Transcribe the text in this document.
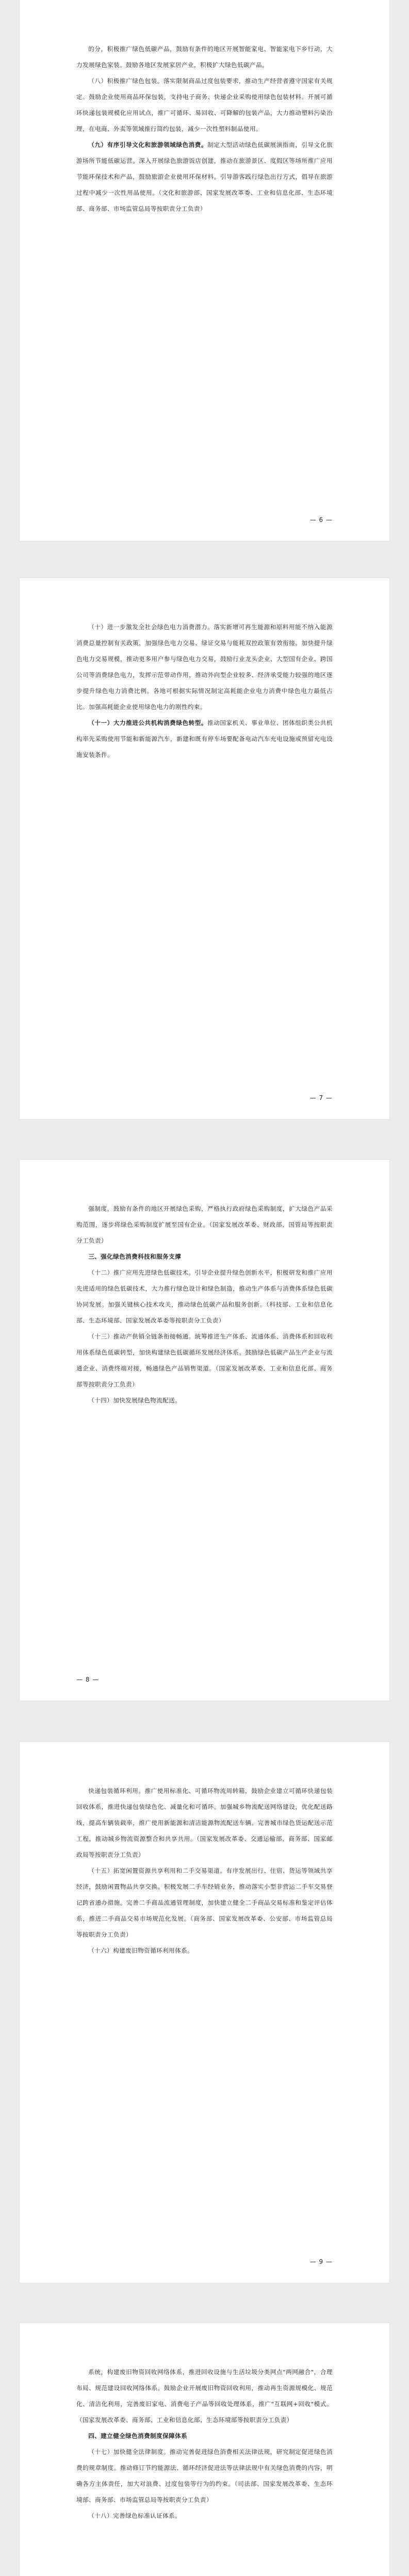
的分，积极推广绿色低碳产品，鼓励有条件的地区开展智能家电、智能家电下乡行动，大力发展绿色家装。鼓励各地区发展家居产业，积极扩大绿色低碳产品。

（八）积极推广绿色包装。落实限制商品过度包装要求，推动生产经营者遵守国家有关规定。鼓励企业使用商品环保包装，支持电子商务、快递企业采购使用绿色包装材料。开展可循环快递包装规模化应用试点，推广可循环、易回收、可降解的包装产品，大力推动塑料污染治理，在电商、外卖等领域推行简约包装，减少一次性塑料制品使用。

（九）有序引导文化和旅游领域绿色消费。制定大型活动绿色低碳展演指南，引导文化旅游场所节能低碳运营。深入开展绿色旅游饭店创建，推动在旅游景区、度假区等场所推广应用节能环保技术和产品，鼓励旅游企业使用环保材料。引导游客践行绿色出行方式，倡导在旅游过程中减少一次性用品使用。（文化和旅游部、国家发展改革委、工业和信息化部、生态环境部、商务部、市场监管总局等按职责分工负责）

— 6 —

（十）进一步激发全社会绿色电力消费潜力。落实新增可再生能源和原料用能不纳入能源消费总量控制有关政策，加强绿色电力交易、绿证交易与能耗双控政策有效衔接。加快提升绿色电力交易规模，推动更多用户参与绿色电力交易，鼓励行业龙头企业、大型国有企业、跨国公司等消费绿色电力，发挥示范带动作用，推动外向型企业较多、经济承受能力较强的地区逐步提升绿色电力消费比例。各地可根据实际情况制定高耗能企业电力消费中绿色电力最低占比。加强高耗能企业使用绿色电力的刚性约束。

（十一）大力推进公共机构消费绿色转型。推动国家机关、事业单位、团体组织类公共机构率先采购使用节能和新能源汽车，新建和既有停车场要配备电动汽车充电设施或预留充电设施安装条件。

— 7 —

强制度，鼓励有条件的地区开展绿色采购，严格执行政府绿色采购制度，扩大绿色产品采购范围，逐步将绿色采购制度扩展至国有企业。（国家发展改革委、财政部、国管局等按职责分工负责）

三、强化绿色消费科技和服务支撑

（十二）推广应用先进绿色低碳技术。引导企业提升绿色创新水平，积极研发和推广应用先进适用的绿色低碳技术，大力推行绿色设计和绿色制造，推动生产体系与消费体系绿色低碳协同发展。加强关键核心技术攻关，推动绿色低碳产品和服务创新。（科技部、工业和信息化部、生态环境部、国家发展改革委等按职责分工负责）

（十三）推动产供销全链条衔接畅通。统筹推进生产体系、流通体系、消费体系和回收利用体系绿色低碳转型，加快构建绿色低碳循环发展经济体系。鼓励绿色低碳产品生产企业与流通企业、消费终端对接，畅通绿色产品销售渠道。（国家发展改革委、工业和信息化部、商务部等按职责分工负责）

（十四）加快发展绿色物流配送。

— 8 —

快递包装循环利用。推广使用标准化、可循环物流周转箱，鼓励企业建立可循环快递包装回收体系，推进快递包装绿色化、减量化和可循环。加强城乡物流配送网络建设，优化配送路线，提高车辆装载率，推广使用新能源和清洁能源物流配送车辆。完善城市绿色货运配送示范工程，推动城乡物流资源整合和共享共用。（国家发展改革委、交通运输部、商务部、国家邮政局等按职责分工负责）

（十五）拓宽闲置资源共享利用和二手交易渠道。有序发展出行、住宿、货运等领域共享经济，鼓励闲置物品共享交换。积极发展二手车经销业务，推动落实小型非营运二手车交易登记跨省通办措施。完善二手商品流通管理制度，加快建立健全二手商品交易标准和鉴定评估体系，推进二手商品交易市场规范化发展。（商务部、国家发展改革委、公安部、市场监管总局等按职责分工负责）

（十六）构建废旧物资循环利用体系。

— 9 —

系统，构建废旧物资回收网络体系，推进回收设施与生活垃圾分类网点"两网融合"，合理布局、规范建设回收网络体系。鼓励企业开展废旧物资回收利用，推动再生资源规模化、规范化、清洁化利用，完善废旧家电、消费电子产品等回收处理体系，推广"互联网+回收"模式。（国家发展改革委、商务部、工业和信息化部、生态环境部等按职责分工负责）

四、建立健全绿色消费制度保障体系

（十七）加快健全法律制度。推动完善促进绿色消费相关法律法规，研究制定促进绿色消费的规章制度。推动修订节约能源法、循环经济促进法等法律法规中有关绿色消费的内容，明确各方主体责任，加大对浪费、过度包装等行为的约束。（司法部、国家发展改革委、生态环境部、商务部、市场监管总局等按职责分工负责）

（十八）完善绿色标准认证体系。
